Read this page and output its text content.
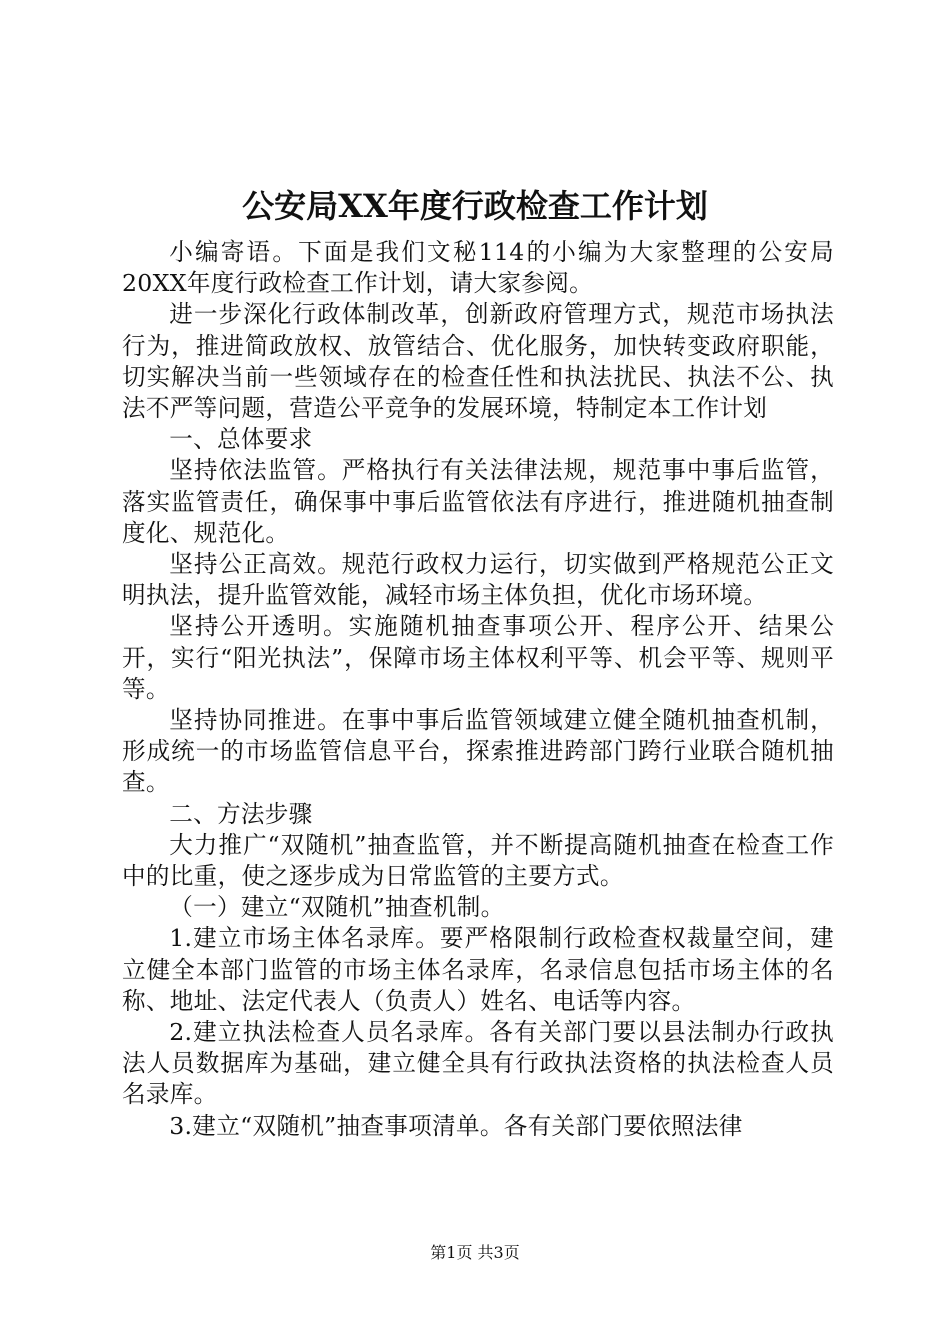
公安局XX年度行政检查工作计划

小编寄语。下面是我们文秘114的小编为大家整理的公安局20XX年度行政检查工作计划，请大家参阅。

进一步深化行政体制改革，创新政府管理方式，规范市场执法行为，推进简政放权、放管结合、优化服务，加快转变政府职能，切实解决当前一些领域存在的检查任性和执法扰民、执法不公、执法不严等问题，营造公平竞争的发展环境，特制定本工作计划

一、总体要求

坚持依法监管。严格执行有关法律法规，规范事中事后监管，落实监管责任，确保事中事后监管依法有序进行，推进随机抽查制度化、规范化。

坚持公正高效。规范行政权力运行，切实做到严格规范公正文明执法，提升监管效能，减轻市场主体负担，优化市场环境。

坚持公开透明。实施随机抽查事项公开、程序公开、结果公开，实行“阳光执法”，保障市场主体权利平等、机会平等、规则平等。

坚持协同推进。在事中事后监管领域建立健全随机抽查机制，形成统一的市场监管信息平台，探索推进跨部门跨行业联合随机抽查。

二、方法步骤

大力推广“双随机”抽查监管，并不断提高随机抽查在检查工作中的比重，使之逐步成为日常监管的主要方式。

（一）建立“双随机”抽查机制。

1.建立市场主体名录库。要严格限制行政检查权裁量空间，建立健全本部门监管的市场主体名录库，名录信息包括市场主体的名称、地址、法定代表人（负责人）姓名、电话等内容。

2.建立执法检查人员名录库。各有关部门要以县法制办行政执法人员数据库为基础，建立健全具有行政执法资格的执法检查人员名录库。

3.建立“双随机”抽查事项清单。各有关部门要依照法律

第1页 共3页
